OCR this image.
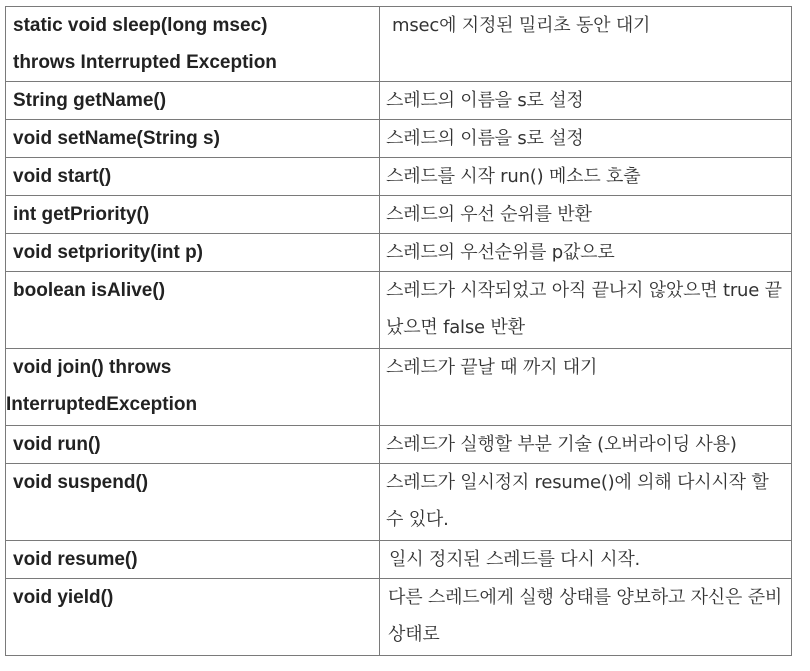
static void sleep(long msec)
throws Interrupted Exception	msec에 지정된 밀리초 동안 대기
String getName()	스레드의 이름을 s로 설정
void setName(String s)	스레드의 이름을 s로 설정
void start()	스레드를 시작 run() 메소드 호출
int getPriority()	스레드의 우선 순위를 반환
void setpriority(int p)	스레드의 우선순위를 p값으로
boolean isAlive()	스레드가 시작되었고 아직 끝나지 않았으면 true 끝났으면 false 반환

void join() throws
InterruptedException	스레드가 끝날 때 까지 대기
void run()	스레드가 실행할 부분 기술 (오버라이딩 사용)
void suspend()	스레드가 일시정지 resume()에 의해 다시시작 할 수 있다.
void resume()	일시 정지된 스레드를 다시 시작.
void yield()	다른 스레드에게 실행 상태를 양보하고 자신은 준비 상태로
